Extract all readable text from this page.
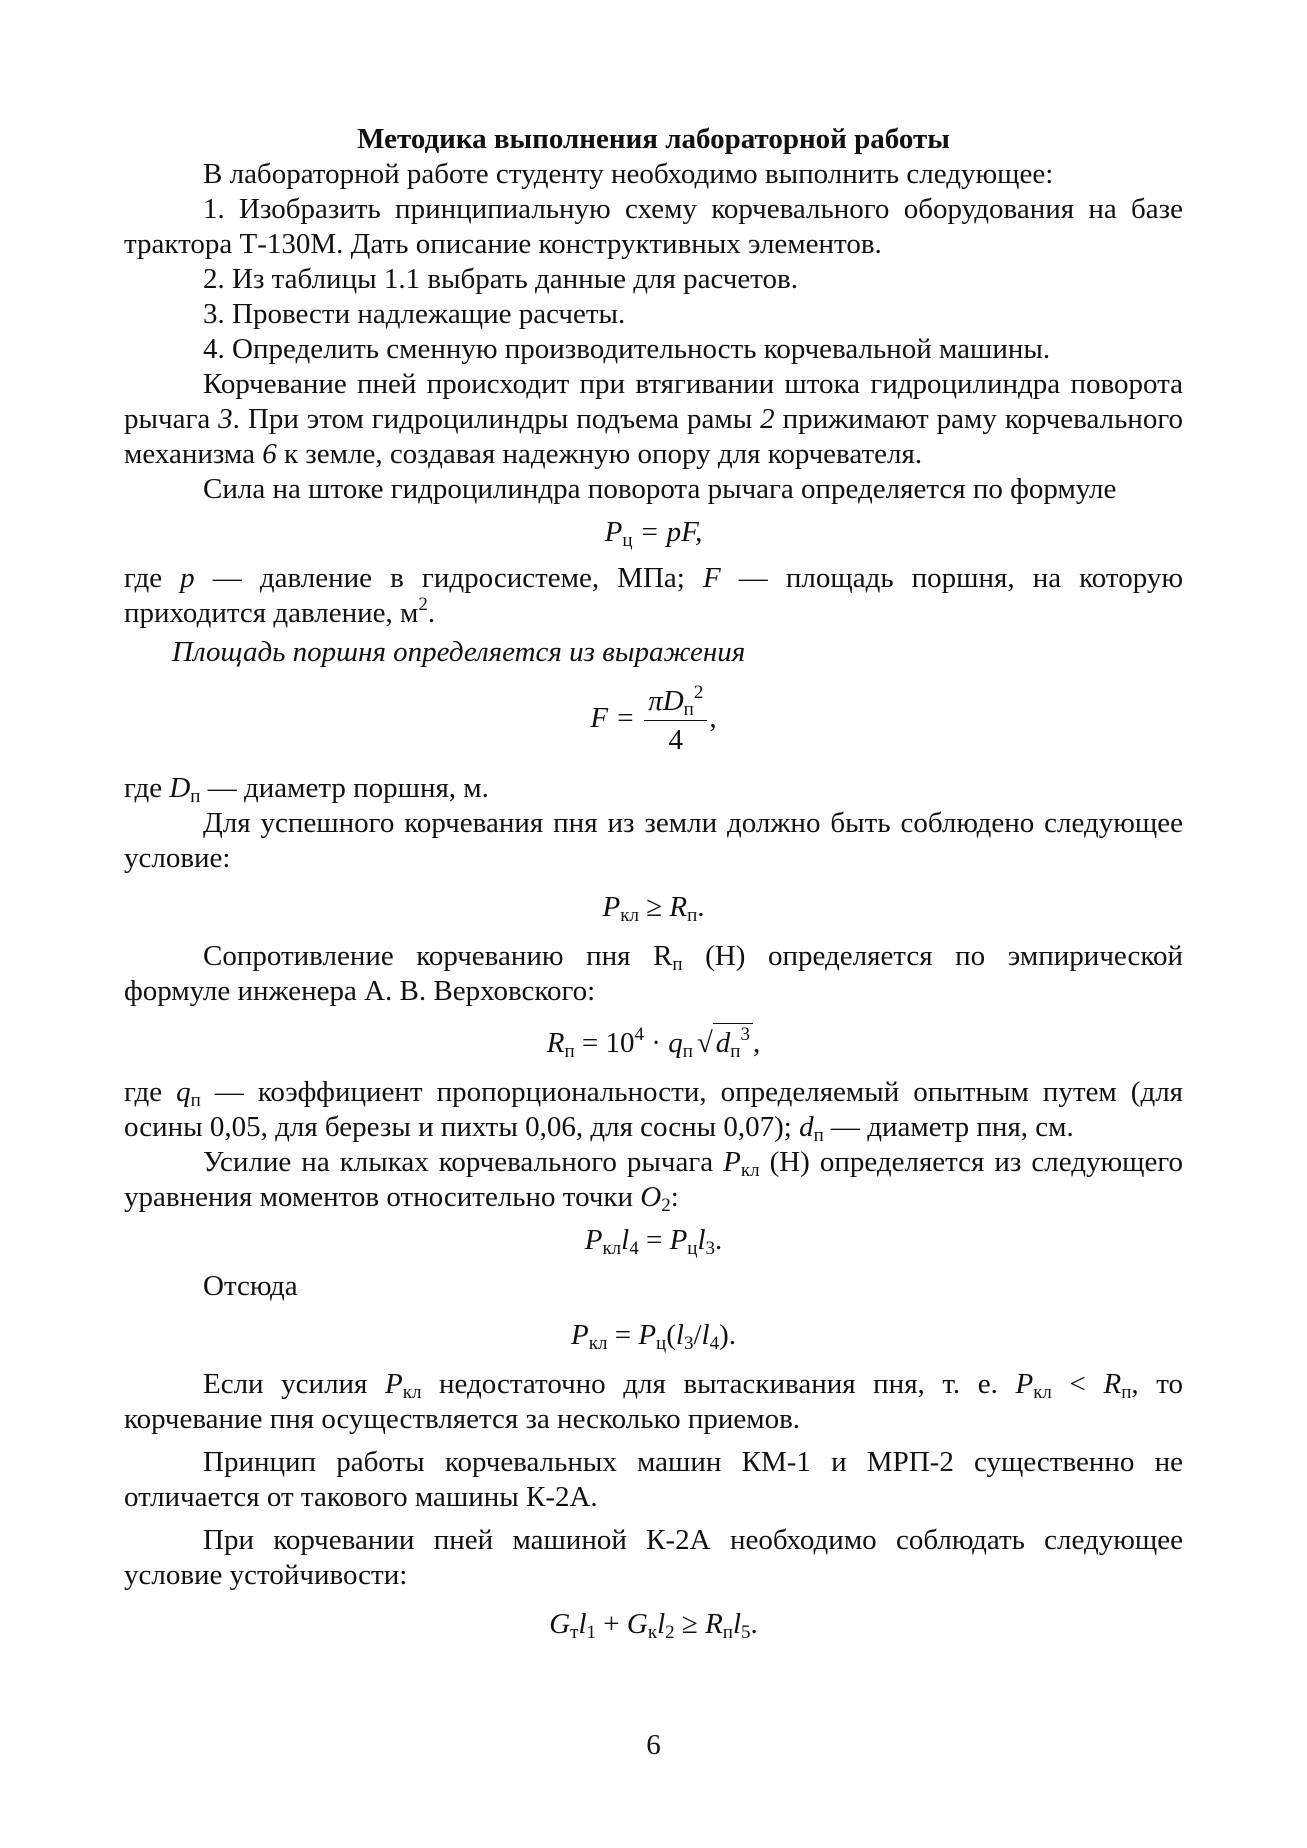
Методика выполнения лабораторной работы

В лабораторной работе студенту необходимо выполнить следующее:

1. Изобразить принципиальную схему корчевального оборудования на базе трактора Т-130М. Дать описание конструктивных элементов.

2. Из таблицы 1.1 выбрать данные для расчетов.

3. Провести надлежащие расчеты.

4. Определить сменную производительность корчевальной машины.

Корчевание пней происходит при втягивании штока гидроцилиндра поворота рычага 3. При этом гидроцилиндры подъема рамы 2 прижимают раму корчевального механизма 6 к земле, создавая надежную опору для корчевателя.

Сила на штоке гидроцилиндра поворота рычага определяется по формуле

$P_ц$ = pF,

где p — давление в гидросистеме, МПа; F — площадь поршня, на которую приходится давление, $м^2$.

Площадь поршня определяется из выражения

$F = \frac{\pi D_п^2}{4}$ ,

где $D_п$ — диаметр поршня, м.

Для успешного корчевания пня из земли должно быть соблюдено следующее условие:

$P_{кл} \ge R_п$.

Сопротивление корчеванию пня $R_п$ (Н) определяется по эмпирической формуле инженера А. В. Верховского:

$R_п = 10^4 \cdot q_п$ √ $d_п^3$ ,

где $q_п$ — коэффициент пропорциональности, определяемый опытным путем (для осины 0,05, для березы и пихты 0,06, для сосны 0,07); $d_п$ — диаметр пня, см.

Усилие на клыках корчевального рычага $P_{кл}$ (Н) определяется из следующего уравнения моментов относительно точки $O_2$:

$P_{кл}l_4 = P_цl_3$.

Отсюда

$P_{кл} = P_ц(l_3/l_4)$.

Если усилия $P_{кл}$ недостаточно для вытаскивания пня, т. е. $P_{кл} < R_п$, то корчевание пня осуществляется за несколько приемов.

Принцип работы корчевальных машин КМ-1 и МРП-2 существенно не отличается от такового машины К-2А.

При корчевании пней машиной К-2А необходимо соблюдать следующее условие устойчивости:

$G_тl_1 + G_кl_2 \ge R_пl_5$.
6
